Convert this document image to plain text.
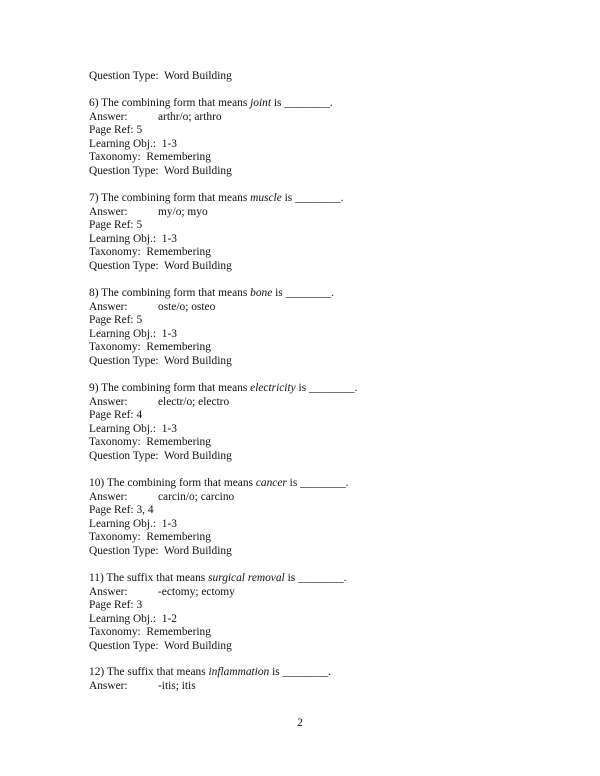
Question Type:  Word Building
6) The combining form that means joint is ________.
Answer:	arthr/o; arthro
Page Ref: 5
Learning Obj.:  1-3
Taxonomy:  Remembering
Question Type:  Word Building
7) The combining form that means muscle is ________.
Answer:	my/o; myo
Page Ref: 5
Learning Obj.:  1-3
Taxonomy:  Remembering
Question Type:  Word Building
8) The combining form that means bone is ________.
Answer:	oste/o; osteo
Page Ref: 5
Learning Obj.:  1-3
Taxonomy:  Remembering
Question Type:  Word Building
9) The combining form that means electricity is ________.
Answer:	electr/o; electro
Page Ref: 4
Learning Obj.:  1-3
Taxonomy:  Remembering
Question Type:  Word Building
10) The combining form that means cancer is ________.
Answer:	carcin/o; carcino
Page Ref: 3, 4
Learning Obj.:  1-3
Taxonomy:  Remembering
Question Type:  Word Building
11) The suffix that means surgical removal is ________.
Answer:	-ectomy; ectomy
Page Ref: 3
Learning Obj.:  1-2
Taxonomy:  Remembering
Question Type:  Word Building
12) The suffix that means inflammation is ________.
Answer:	-itis; itis
2
